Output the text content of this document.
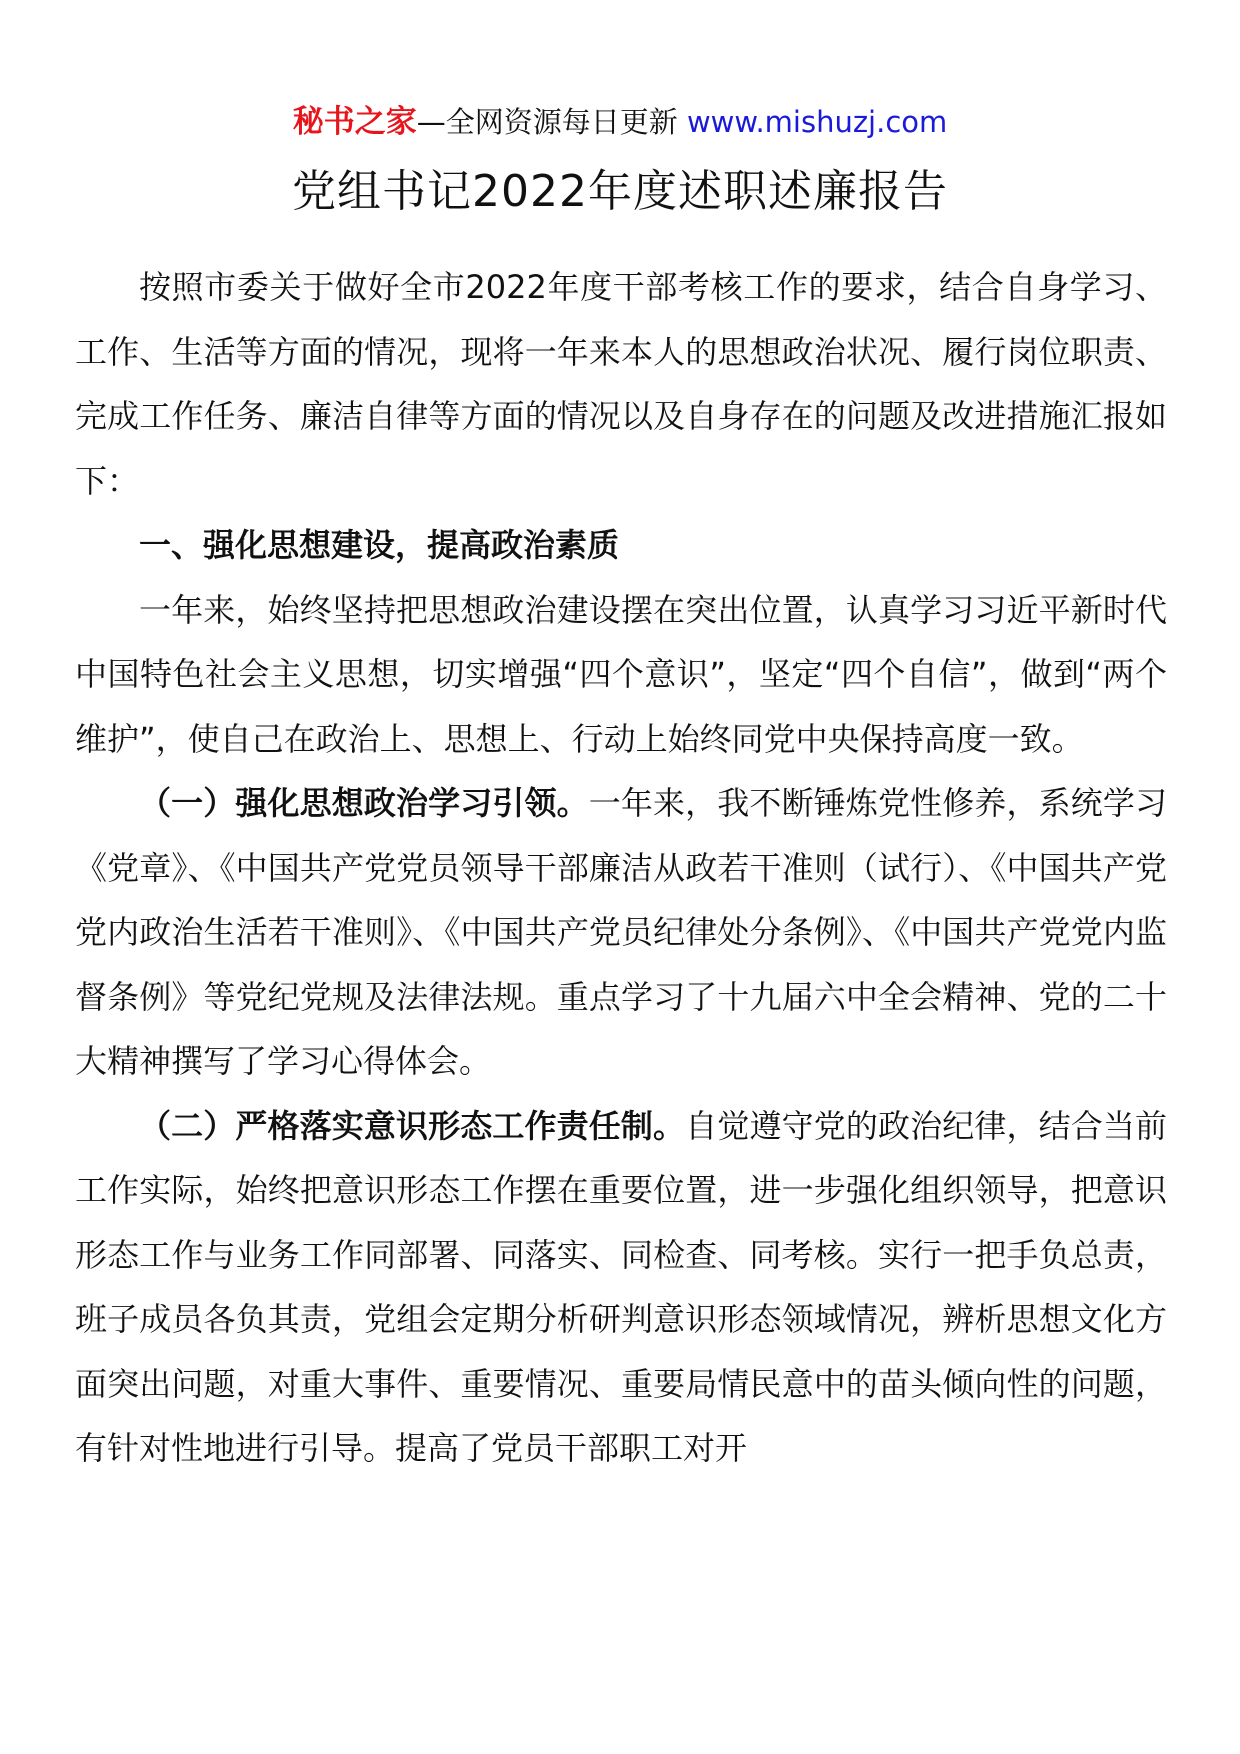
秘书之家—全网资源每日更新 www.mishuzj.com
党组书记2022年度述职述廉报告

按照市委关于做好全市2022年度干部考核工作的要求，结合自身学习、工作、生活等方面的情况，现将一年来本人的思想政治状况、履行岗位职责、完成工作任务、廉洁自律等方面的情况以及自身存在的问题及改进措施汇报如下：

一、强化思想建设，提高政治素质

一年来，始终坚持把思想政治建设摆在突出位置，认真学习习近平新时代中国特色社会主义思想，切实增强“四个意识”，坚定“四个自信”，做到“两个维护”，使自己在政治上、思想上、行动上始终同党中央保持高度一致。

（一）强化思想政治学习引领。一年来，我不断锤炼党性修养，系统学习《党章》、《中国共产党党员领导干部廉洁从政若干准则（试行）、《中国共产党党内政治生活若干准则》、《中国共产党员纪律处分条例》、《中国共产党党内监督条例》等党纪党规及法律法规。重点学习了十九届六中全会精神、党的二十大精神撰写了学习心得体会。

（二）严格落实意识形态工作责任制。自觉遵守党的政治纪律，结合当前工作实际，始终把意识形态工作摆在重要位置，进一步强化组织领导，把意识形态工作与业务工作同部署、同落实、同检查、同考核。实行一把手负总责，班子成员各负其责，党组会定期分析研判意识形态领域情况，辨析思想文化方面突出问题，对重大事件、重要情况、重要局情民意中的苗头倾向性的问题，有针对性地进行引导。提高了党员干部职工对开
